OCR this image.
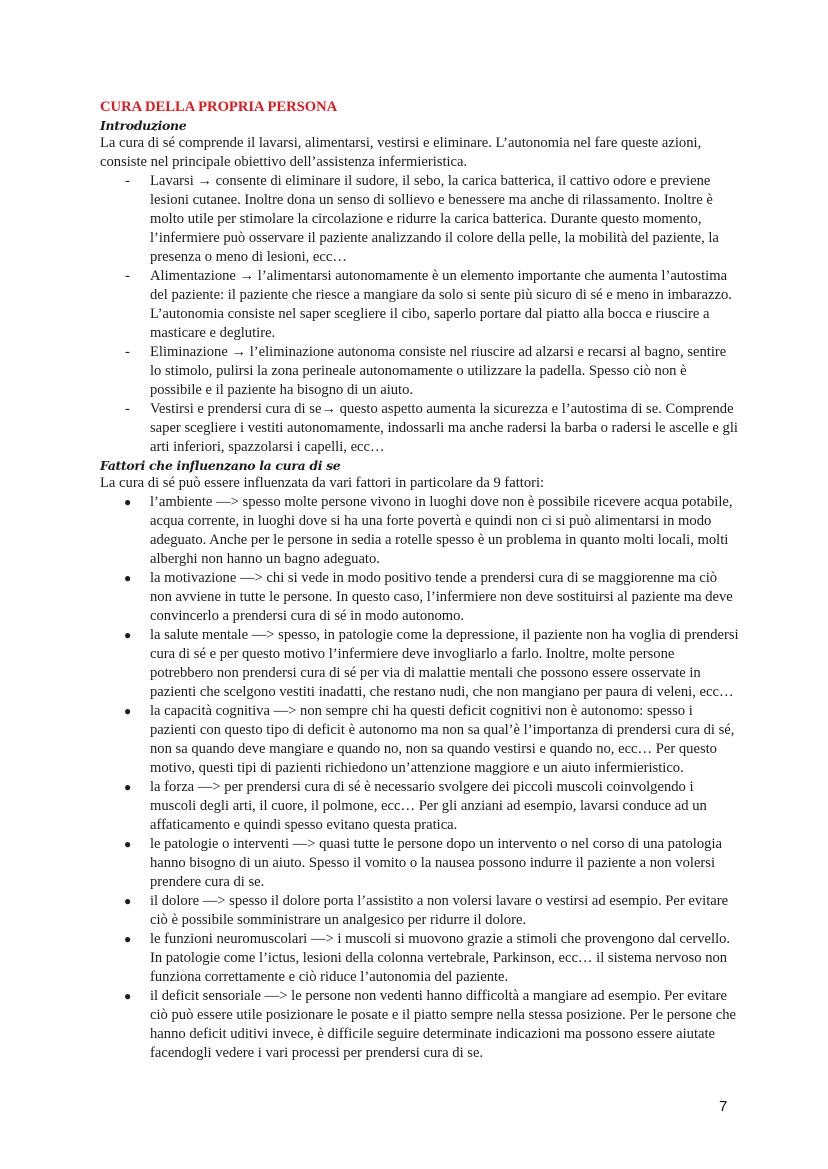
CURA DELLA PROPRIA PERSONA
Introduzione

La cura di sé comprende il lavarsi, alimentarsi, vestirsi e eliminare. L’autonomia nel fare queste azioni, consiste nel principale obiettivo dell’assistenza infermieristica.

-	Lavarsi → consente di eliminare il sudore, il sebo, la carica batterica, il cattivo odore e previene lesioni cutanee. Inoltre dona un senso di sollievo e benessere ma anche di rilassamento. Inoltre è molto utile per stimolare la circolazione e ridurre la carica batterica. Durante questo momento, l’infermiere può osservare il paziente analizzando il colore della pelle, la mobilità del paziente, la presenza o meno di lesioni, ecc…
-	Alimentazione → l’alimentarsi autonomamente è un elemento importante che aumenta l’autostima del paziente: il paziente che riesce a mangiare da solo si sente più sicuro di sé e meno in imbarazzo. L’autonomia consiste nel saper scegliere il cibo, saperlo portare dal piatto alla bocca e riuscire a masticare e deglutire.
-	Eliminazione → l’eliminazione autonoma consiste nel riuscire ad alzarsi e recarsi al bagno, sentire lo stimolo, pulirsi la zona perineale autonomamente o utilizzare la padella. Spesso ciò non è possibile e il paziente ha bisogno di un aiuto.
-	Vestirsi e prendersi cura di se→ questo aspetto aumenta la sicurezza e l’autostima di se. Comprende saper scegliere i vestiti autonomamente, indossarli ma anche radersi la barba o radersi le ascelle e gli arti inferiori, spazzolarsi i capelli, ecc…
Fattori che influenzano la cura di se

La cura di sé può essere influenzata da vari fattori in particolare da 9 fattori:

●	l’ambiente —> spesso molte persone vivono in luoghi dove non è possibile ricevere acqua potabile, acqua corrente, in luoghi dove si ha una forte povertà e quindi non ci si può alimentarsi in modo adeguato. Anche per le persone in sedia a rotelle spesso è un problema in quanto molti locali, molti alberghi non hanno un bagno adeguato.
●	la motivazione —> chi si vede in modo positivo tende a prendersi cura di se maggiorenne ma ciò non avviene in tutte le persone. In questo caso, l’infermiere non deve sostituirsi al paziente ma deve convincerlo a prendersi cura di sé in modo autonomo.
●	la salute mentale —> spesso, in patologie come la depressione, il paziente non ha voglia di prendersi cura di sé e per questo motivo l’infermiere deve invogliarlo a farlo. Inoltre, molte persone potrebbero non prendersi cura di sé per via di malattie mentali che possono essere osservate in pazienti che scelgono vestiti inadatti, che restano nudi, che non mangiano per paura di veleni, ecc…
●	la capacità cognitiva —> non sempre chi ha questi deficit cognitivi non è autonomo: spesso i pazienti con questo tipo di deficit è autonomo ma non sa qual’è l’importanza di prendersi cura di sé, non sa quando deve mangiare e quando no, non sa quando vestirsi e quando no, ecc… Per questo motivo, questi tipi di pazienti richiedono un’attenzione maggiore e un aiuto infermieristico.
●	la forza —> per prendersi cura di sé è necessario svolgere dei piccoli muscoli coinvolgendo i muscoli degli arti, il cuore, il polmone, ecc… Per gli anziani ad esempio, lavarsi conduce ad un affaticamento e quindi spesso evitano questa pratica.
●	le patologie o interventi —> quasi tutte le persone dopo un intervento o nel corso di una patologia hanno bisogno di un aiuto. Spesso il vomito o la nausea possono indurre il paziente a non volersi prendere cura di se.
●	il dolore —> spesso il dolore porta l’assistito a non volersi lavare o vestirsi ad esempio. Per evitare ciò è possibile somministrare un analgesico per ridurre il dolore.
●	le funzioni neuromuscolari —> i muscoli si muovono grazie a stimoli che provengono dal cervello. In patologie come l’ictus, lesioni della colonna vertebrale, Parkinson, ecc… il sistema nervoso non funziona correttamente e ciò riduce l’autonomia del paziente.
●	il deficit sensoriale —> le persone non vedenti hanno difficoltà a mangiare ad esempio. Per evitare ciò può essere utile posizionare le posate e il piatto sempre nella stessa posizione. Per le persone che hanno deficit uditivi invece, è difficile seguire determinate indicazioni ma possono essere aiutate facendogli vedere i vari processi per prendersi cura di se.
7
